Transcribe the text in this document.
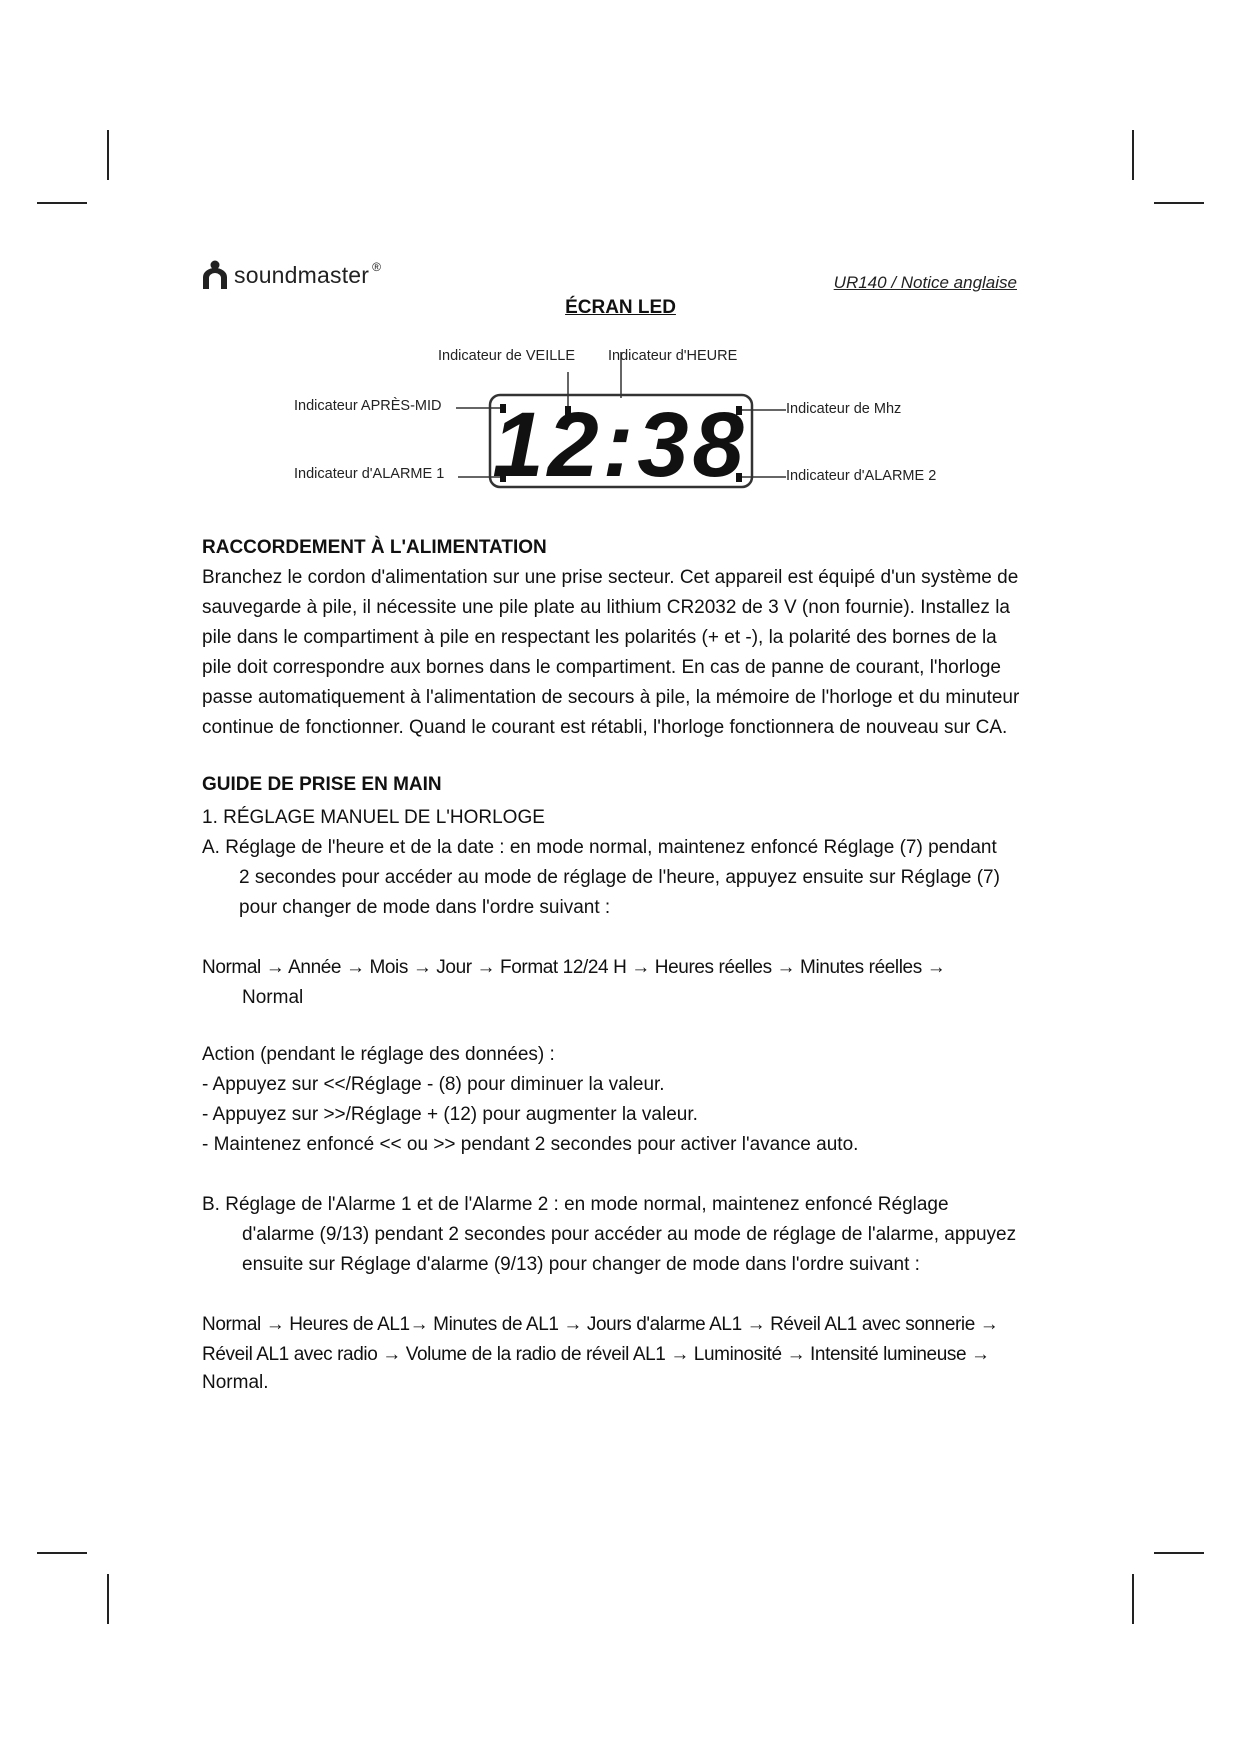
soundmaster ®
UR140 / Notice anglaise
ÉCRAN LED
12:38
Indicateur de VEILLE Indicateur d'HEURE
Indicateur APRÈS-MID
Indicateur d'ALARME 1
Indicateur de Mhz
Indicateur d'ALARME 2

RACCORDEMENT À L'ALIMENTATION

Branchez le cordon d'alimentation sur une prise secteur. Cet appareil est équipé d'un système de

sauvegarde à pile, il nécessite une pile plate au lithium CR2032 de 3 V (non fournie). Installez la

pile dans le compartiment à pile en respectant les polarités (+ et -), la polarité des bornes de la

pile doit correspondre aux bornes dans le compartiment. En cas de panne de courant, l'horloge

passe automatiquement à l'alimentation de secours à pile, la mémoire de l'horloge et du minuteur

continue de fonctionner. Quand le courant est rétabli, l'horloge fonctionnera de nouveau sur CA.

GUIDE DE PRISE EN MAIN

1. RÉGLAGE MANUEL DE L'HORLOGE

A. Réglage de l'heure et de la date : en mode normal, maintenez enfoncé Réglage (7) pendant

2 secondes pour accéder au mode de réglage de l'heure, appuyez ensuite sur Réglage (7)

pour changer de mode dans l'ordre suivant :

Normal → Année → Mois → Jour → Format 12/24 H → Heures réelles → Minutes réelles →

Normal

Action (pendant le réglage des données) :

- Appuyez sur <</Réglage - (8) pour diminuer la valeur.

- Appuyez sur >>/Réglage + (12) pour augmenter la valeur.

- Maintenez enfoncé << ou >> pendant 2 secondes pour activer l'avance auto.

B. Réglage de l'Alarme 1 et de l'Alarme 2 : en mode normal, maintenez enfoncé Réglage

d'alarme (9/13) pendant 2 secondes pour accéder au mode de réglage de l'alarme, appuyez

ensuite sur Réglage d'alarme (9/13) pour changer de mode dans l'ordre suivant :

Normal → Heures de AL1→ Minutes de AL1 → Jours d'alarme AL1 → Réveil AL1 avec sonnerie →

Réveil AL1 avec radio → Volume de la radio de réveil AL1 → Luminosité → Intensité lumineuse →

Normal.
